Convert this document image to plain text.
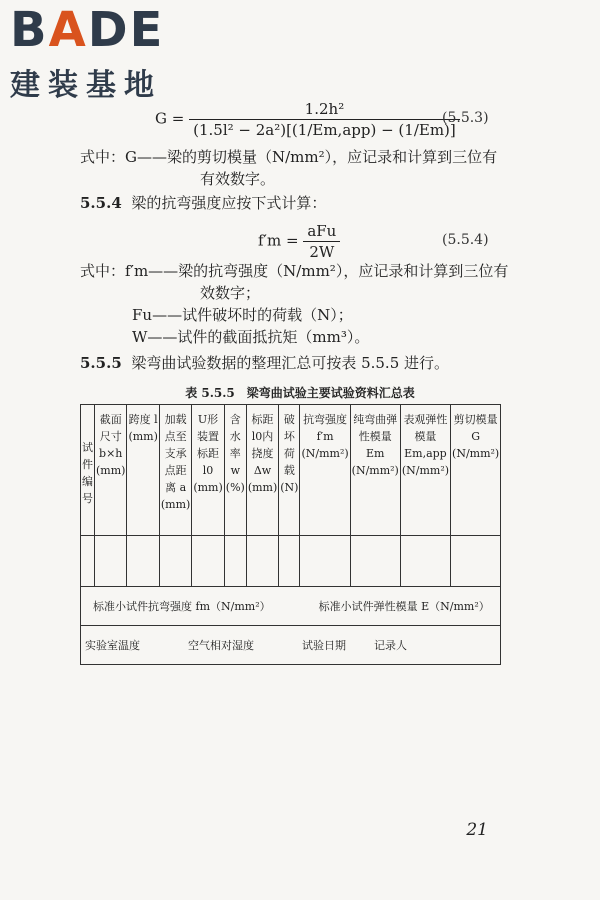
BADE
建装基地
$G = \frac{\text{1.2h²}}{\text{(1.5l² − 2a²)[(1/Em,app) − (1/Em)]}}$
(5.5.3)
式中：G——梁的剪切模量（N/mm²），应记录和计算到三位有
有效数字。
5.5.4 梁的抗弯强度应按下式计算：
$f'm = \frac{\text{aFu}}{2W}$	(5.5.4)
式中：f′m——梁的抗弯强度（N/mm²），应记录和计算到三位有
效数字；
Fu——试件破坏时的荷载（N）；
W——试件的截面抵抗矩（mm³）。
5.5.5 梁弯曲试验数据的整理汇总可按表 5.5.5 进行。
表 5.5.5　梁弯曲试验主要试验资料汇总表
试件编号	截面尺寸 b×h (mm)	跨度 l (mm)	加载点至支承点距离 a (mm)	U形装置标距 l0 (mm)	含水率 w (%)	标距 l0内挠度 Δw (mm)	破坏荷载 (N)	抗弯强度 f′m (N/mm²)	纯弯曲弹性模量 Em (N/mm²)	表观弹性模量 Em,app (N/mm²)	剪切模量 G (N/mm²)

标准小试件抗弯强度 fm（N/mm²） 标准小试件弹性模量 E（N/mm²）											
实验室温度 空气相对湿度 试验日期 记录人											
21
